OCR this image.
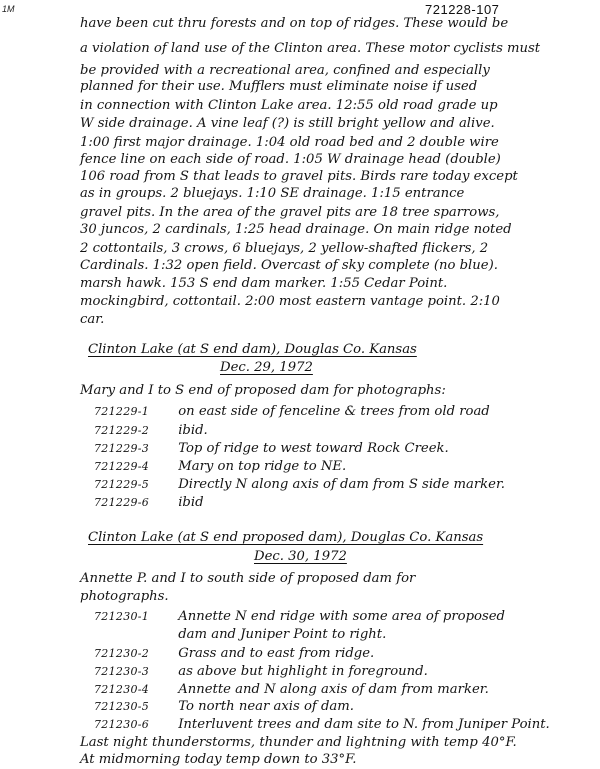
1M	721228-107
have been cut thru forests and on top of ridges. These would be
a violation of land use of the Clinton area. These motor cyclists must
be provided with a recreational area, confined and especially
planned for their use. Mufflers must eliminate noise if used
in connection with Clinton Lake area. 12:55 old road grade up
W side drainage. A vine leaf (?) is still bright yellow and alive.
1:00 first major drainage. 1:04 old road bed and 2 double wire
fence line on each side of road. 1:05 W drainage head (double)
106 road from S that leads to gravel pits. Birds rare today except
as in groups. 2 bluejays. 1:10 SE drainage. 1:15 entrance
gravel pits. In the area of the gravel pits are 18 tree sparrows,
30 juncos, 2 cardinals, 1:25 head drainage. On main ridge noted
2 cottontails, 3 crows, 6 bluejays, 2 yellow-shafted flickers, 2
Cardinals. 1:32 open field. Overcast of sky complete (no blue).
marsh hawk. 153 S end dam marker. 1:55 Cedar Point.
mockingbird, cottontail. 2:00 most eastern vantage point. 2:10
car.
Clinton Lake (at S end dam), Douglas Co. Kansas
Dec. 29, 1972
Mary and I to S end of proposed dam for photographs:
721229-1 on east side of fenceline & trees from old road
721229-2 ibid.
721229-3 Top of ridge to west toward Rock Creek.
721229-4 Mary on top ridge to NE.
721229-5 Directly N along axis of dam from S side marker.
721229-6 ibid
Clinton Lake (at S end proposed dam), Douglas Co. Kansas
Dec. 30, 1972
Annette P. and I to south side of proposed dam for
photographs.
721230-1 Annette N end ridge with some area of proposed
dam and Juniper Point to right.
721230-2 Grass and to east from ridge.
721230-3 as above but highlight in foreground.
721230-4 Annette and N along axis of dam from marker.
721230-5 To north near axis of dam.
721230-6 Interluvent trees and dam site to N. from Juniper Point.
Last night thunderstorms, thunder and lightning with temp 40°F.
At midmorning today temp down to 33°F.
